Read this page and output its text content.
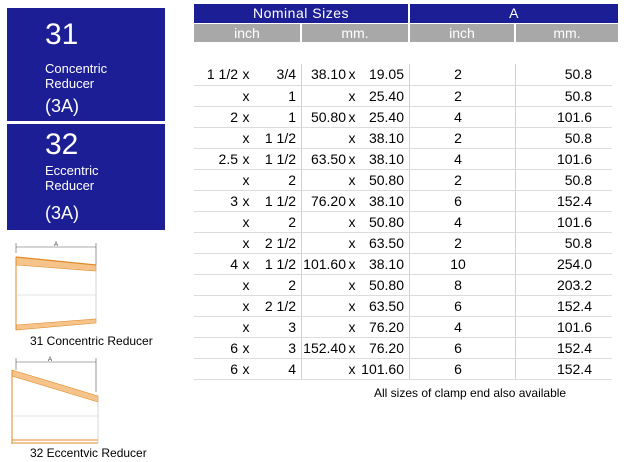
31
Concentric
Reducer
(3A)
32
Eccentric
Reducer
(3A)
A
31 Concentric Reducer
A
32 Eccentvic Reducer
Nominal Sizes	A
inch	mm.	inch	mm.
1 1/2	x	3/4	38.10	x	19.05	2	50.8
	x	1		x	25.40	2	50.8
2	x	1	50.80	x	25.40	4	101.6
	x	1 1/2		x	38.10	2	50.8
2.5	x	1 1/2	63.50	x	38.10	4	101.6
	x	2		x	50.80	2	50.8
3	x	1 1/2	76.20	x	38.10	6	152.4
	x	2		x	50.80	4	101.6
	x	2 1/2		x	63.50	2	50.8
4	x	1 1/2	101.60	x	38.10	10	254.0
	x	2		x	50.80	8	203.2
	x	2 1/2		x	63.50	6	152.4
	x	3		x	76.20	4	101.6
6	x	3	152.40	x	76.20	6	152.4
6	x	4		x	101.60	6	152.4
All sizes of clamp end also available
